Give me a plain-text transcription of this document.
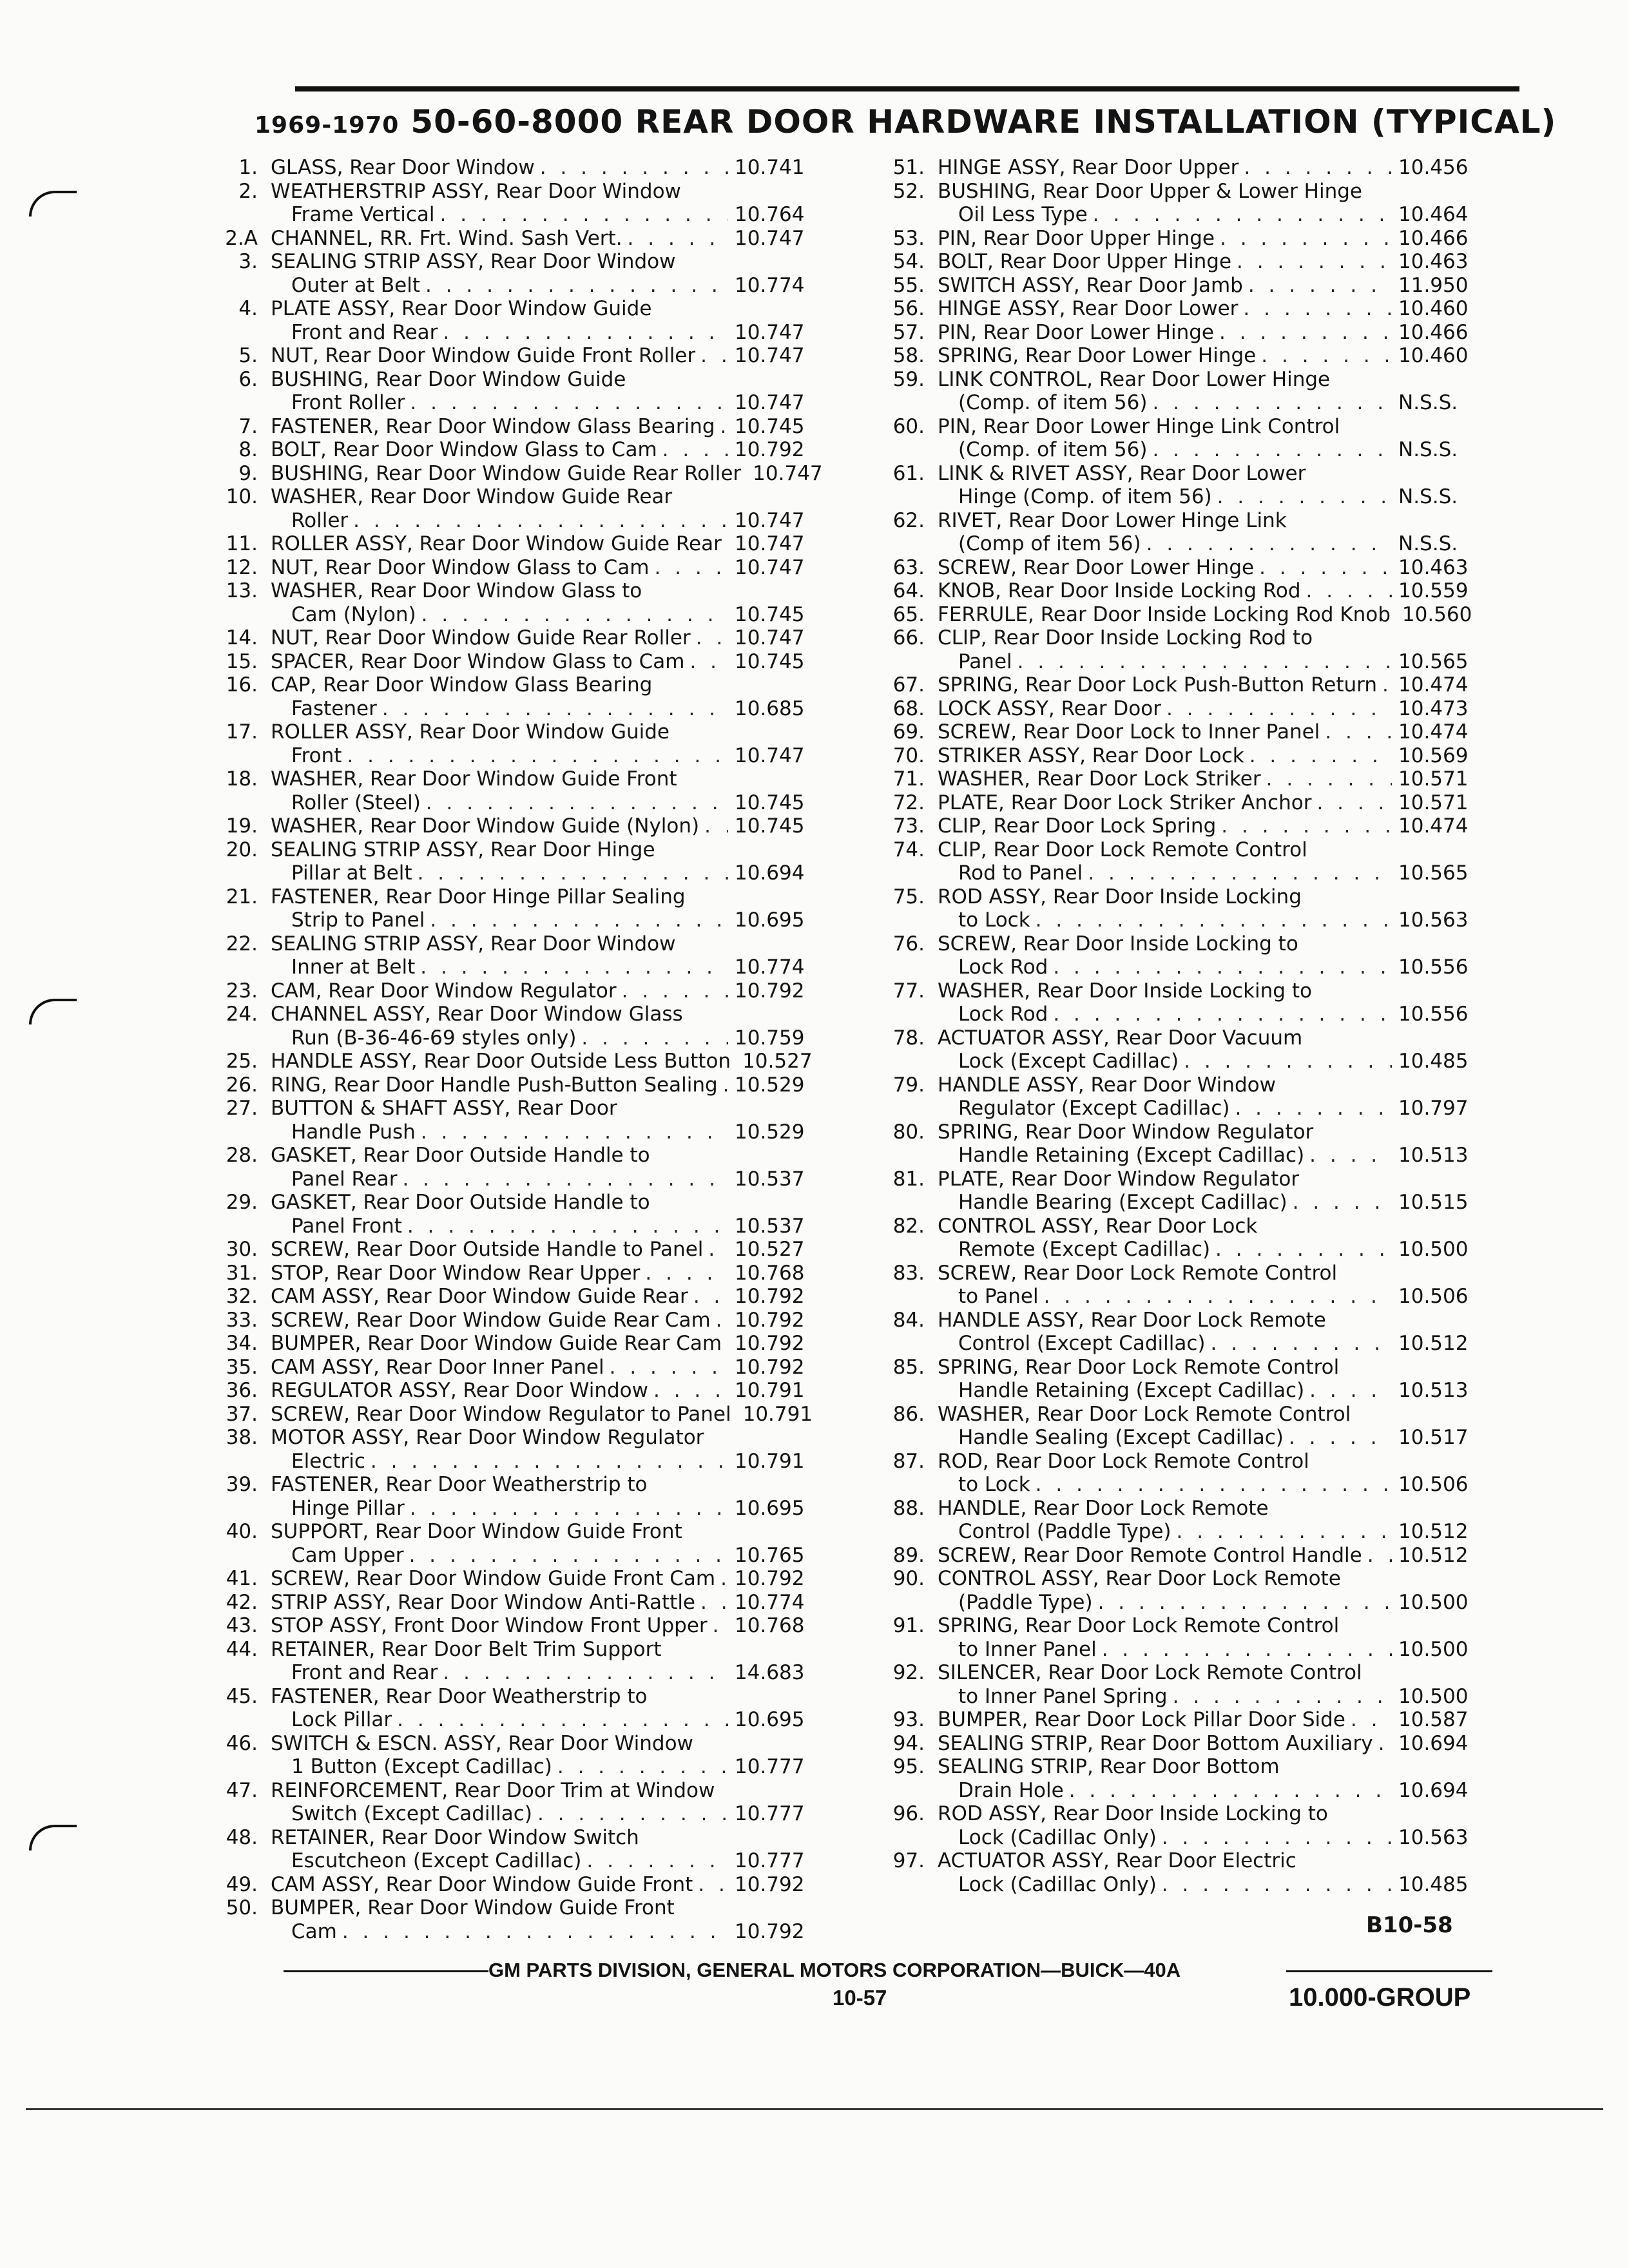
1969-1970 50-60-8000 REAR DOOR HARDWARE INSTALLATION (TYPICAL)
1. GLASS, Rear Door Window . . .	10.741
2. WEATHERSTRIP ASSY, Rear Door Window
Frame Vertical . . .	10.764
2.A CHANNEL, RR. Frt. Wind. Sash Vert. . . .	10.747
3. SEALING STRIP ASSY, Rear Door Window
Outer at Belt . . .	10.774
4. PLATE ASSY, Rear Door Window Guide
Front and Rear . . .	10.747
5. NUT, Rear Door Window Guide Front Roller . . .	10.747
6. BUSHING, Rear Door Window Guide
Front Roller . . .	10.747
7. FASTENER, Rear Door Window Glass Bearing . . . 10.745
8. BOLT, Rear Door Window Glass to Cam . . .	10.792
9. BUSHING, Rear Door Window Guide Rear Roller . . . 10.747
10. WASHER, Rear Door Window Guide Rear
Roller . . .	10.747
11. ROLLER ASSY, Rear Door Window Guide Rear . . . 10.747
12. NUT, Rear Door Window Glass to Cam . . .	10.747
13. WASHER, Rear Door Window Glass to
Cam (Nylon) . . .	10.745
14. NUT, Rear Door Window Guide Rear Roller . . .	10.747
15. SPACER, Rear Door Window Glass to Cam . . .	10.745
16. CAP, Rear Door Window Glass Bearing
Fastener . . .	10.685
17. ROLLER ASSY, Rear Door Window Guide
Front . . .	10.747
18. WASHER, Rear Door Window Guide Front
Roller (Steel) . . .	10.745
19. WASHER, Rear Door Window Guide (Nylon) . . .	10.745
20. SEALING STRIP ASSY, Rear Door Hinge
Pillar at Belt . . .	10.694
21. FASTENER, Rear Door Hinge Pillar Sealing
Strip to Panel . . .	10.695
22. SEALING STRIP ASSY, Rear Door Window
Inner at Belt . . .	10.774
23. CAM, Rear Door Window Regulator . . .	10.792
24. CHANNEL ASSY, Rear Door Window Glass
Run (B-36-46-69 styles only) . . .	10.759
25. HANDLE ASSY, Rear Door Outside Less Button . . . 10.527
26. RING, Rear Door Handle Push-Button Sealing . . . 10.529
27. BUTTON & SHAFT ASSY, Rear Door
Handle Push . . .	10.529
28. GASKET, Rear Door Outside Handle to
Panel Rear . . .	10.537
29. GASKET, Rear Door Outside Handle to
Panel Front . . .	10.537
30. SCREW, Rear Door Outside Handle to Panel . . .	10.527
31. STOP, Rear Door Window Rear Upper . . .	10.768
32. CAM ASSY, Rear Door Window Guide Rear . . .	10.792
33. SCREW, Rear Door Window Guide Rear Cam . . .	10.792
34. BUMPER, Rear Door Window Guide Rear Cam . . . 10.792
35. CAM ASSY, Rear Door Inner Panel . . .	10.792
36. REGULATOR ASSY, Rear Door Window . . .	10.791
37. SCREW, Rear Door Window Regulator to Panel . . . 10.791
38. MOTOR ASSY, Rear Door Window Regulator
Electric . . .	10.791
39. FASTENER, Rear Door Weatherstrip to
Hinge Pillar . . .	10.695
40. SUPPORT, Rear Door Window Guide Front
Cam Upper . . .	10.765
41. SCREW, Rear Door Window Guide Front Cam . . . 10.792
42. STRIP ASSY, Rear Door Window Anti-Rattle . . .	10.774
43. STOP ASSY, Front Door Window Front Upper . . .	10.768
44. RETAINER, Rear Door Belt Trim Support
Front and Rear . . .	14.683
45. FASTENER, Rear Door Weatherstrip to
Lock Pillar . . .	10.695
46. SWITCH & ESCN. ASSY, Rear Door Window
1 Button (Except Cadillac) . . .	10.777
47. REINFORCEMENT, Rear Door Trim at Window
Switch (Except Cadillac) . . .	10.777
48. RETAINER, Rear Door Window Switch
Escutcheon (Except Cadillac) . . .	10.777
49. CAM ASSY, Rear Door Window Guide Front . . .	10.792
50. BUMPER, Rear Door Window Guide Front
Cam . . .	10.792
51. HINGE ASSY, Rear Door Upper . . .	10.456
52. BUSHING, Rear Door Upper & Lower Hinge
Oil Less Type . . .	10.464
53. PIN, Rear Door Upper Hinge . . .	10.466
54. BOLT, Rear Door Upper Hinge . . .	10.463
55. SWITCH ASSY, Rear Door Jamb . . .	11.950
56. HINGE ASSY, Rear Door Lower . . .	10.460
57. PIN, Rear Door Lower Hinge . . .	10.466
58. SPRING, Rear Door Lower Hinge . . .	10.460
59. LINK CONTROL, Rear Door Lower Hinge
(Comp. of item 56) . . .	N.S.S.
60. PIN, Rear Door Lower Hinge Link Control
(Comp. of item 56) . . .	N.S.S.
61. LINK & RIVET ASSY, Rear Door Lower
Hinge (Comp. of item 56) . . .	N.S.S.
62. RIVET, Rear Door Lower Hinge Link
(Comp of item 56) . . .	N.S.S.
63. SCREW, Rear Door Lower Hinge . . .	10.463
64. KNOB, Rear Door Inside Locking Rod . . .	10.559
65. FERRULE, Rear Door Inside Locking Rod Knob . . . 10.560
66. CLIP, Rear Door Inside Locking Rod to
Panel . . .	10.565
67. SPRING, Rear Door Lock Push-Button Return . . .	10.474
68. LOCK ASSY, Rear Door . . .	10.473
69. SCREW, Rear Door Lock to Inner Panel . . .	10.474
70. STRIKER ASSY, Rear Door Lock . . .	10.569
71. WASHER, Rear Door Lock Striker . . .	10.571
72. PLATE, Rear Door Lock Striker Anchor . . .	10.571
73. CLIP, Rear Door Lock Spring . . .	10.474
74. CLIP, Rear Door Lock Remote Control
Rod to Panel . . .	10.565
75. ROD ASSY, Rear Door Inside Locking
to Lock . . .	10.563
76. SCREW, Rear Door Inside Locking to
Lock Rod . . .	10.556
77. WASHER, Rear Door Inside Locking to
Lock Rod . . .	10.556
78. ACTUATOR ASSY, Rear Door Vacuum
Lock (Except Cadillac) . . .	10.485
79. HANDLE ASSY, Rear Door Window
Regulator (Except Cadillac) . . .	10.797
80. SPRING, Rear Door Window Regulator
Handle Retaining (Except Cadillac) . . .	10.513
81. PLATE, Rear Door Window Regulator
Handle Bearing (Except Cadillac) . . .	10.515
82. CONTROL ASSY, Rear Door Lock
Remote (Except Cadillac) . . .	10.500
83. SCREW, Rear Door Lock Remote Control
to Panel . . .	10.506
84. HANDLE ASSY, Rear Door Lock Remote
Control (Except Cadillac) . . .	10.512
85. SPRING, Rear Door Lock Remote Control
Handle Retaining (Except Cadillac) . . .	10.513
86. WASHER, Rear Door Lock Remote Control
Handle Sealing (Except Cadillac) . . .	10.517
87. ROD, Rear Door Lock Remote Control
to Lock . . .	10.506
88. HANDLE, Rear Door Lock Remote
Control (Paddle Type) . . .	10.512
89. SCREW, Rear Door Remote Control Handle . . .	10.512
90. CONTROL ASSY, Rear Door Lock Remote
(Paddle Type) . . .	10.500
91. SPRING, Rear Door Lock Remote Control
to Inner Panel . . .	10.500
92. SILENCER, Rear Door Lock Remote Control
to Inner Panel Spring . . .	10.500
93. BUMPER, Rear Door Lock Pillar Door Side . . .	10.587
94. SEALING STRIP, Rear Door Bottom Auxiliary . . .	10.694
95. SEALING STRIP, Rear Door Bottom
Drain Hole . . .	10.694
96. ROD ASSY, Rear Door Inside Locking to
Lock (Cadillac Only) . . .	10.563
97. ACTUATOR ASSY, Rear Door Electric
Lock (Cadillac Only) . . .	10.485
B10-58
GM PARTS DIVISION, GENERAL MOTORS CORPORATION—BUICK—40A
10-57	10.000-GROUP
